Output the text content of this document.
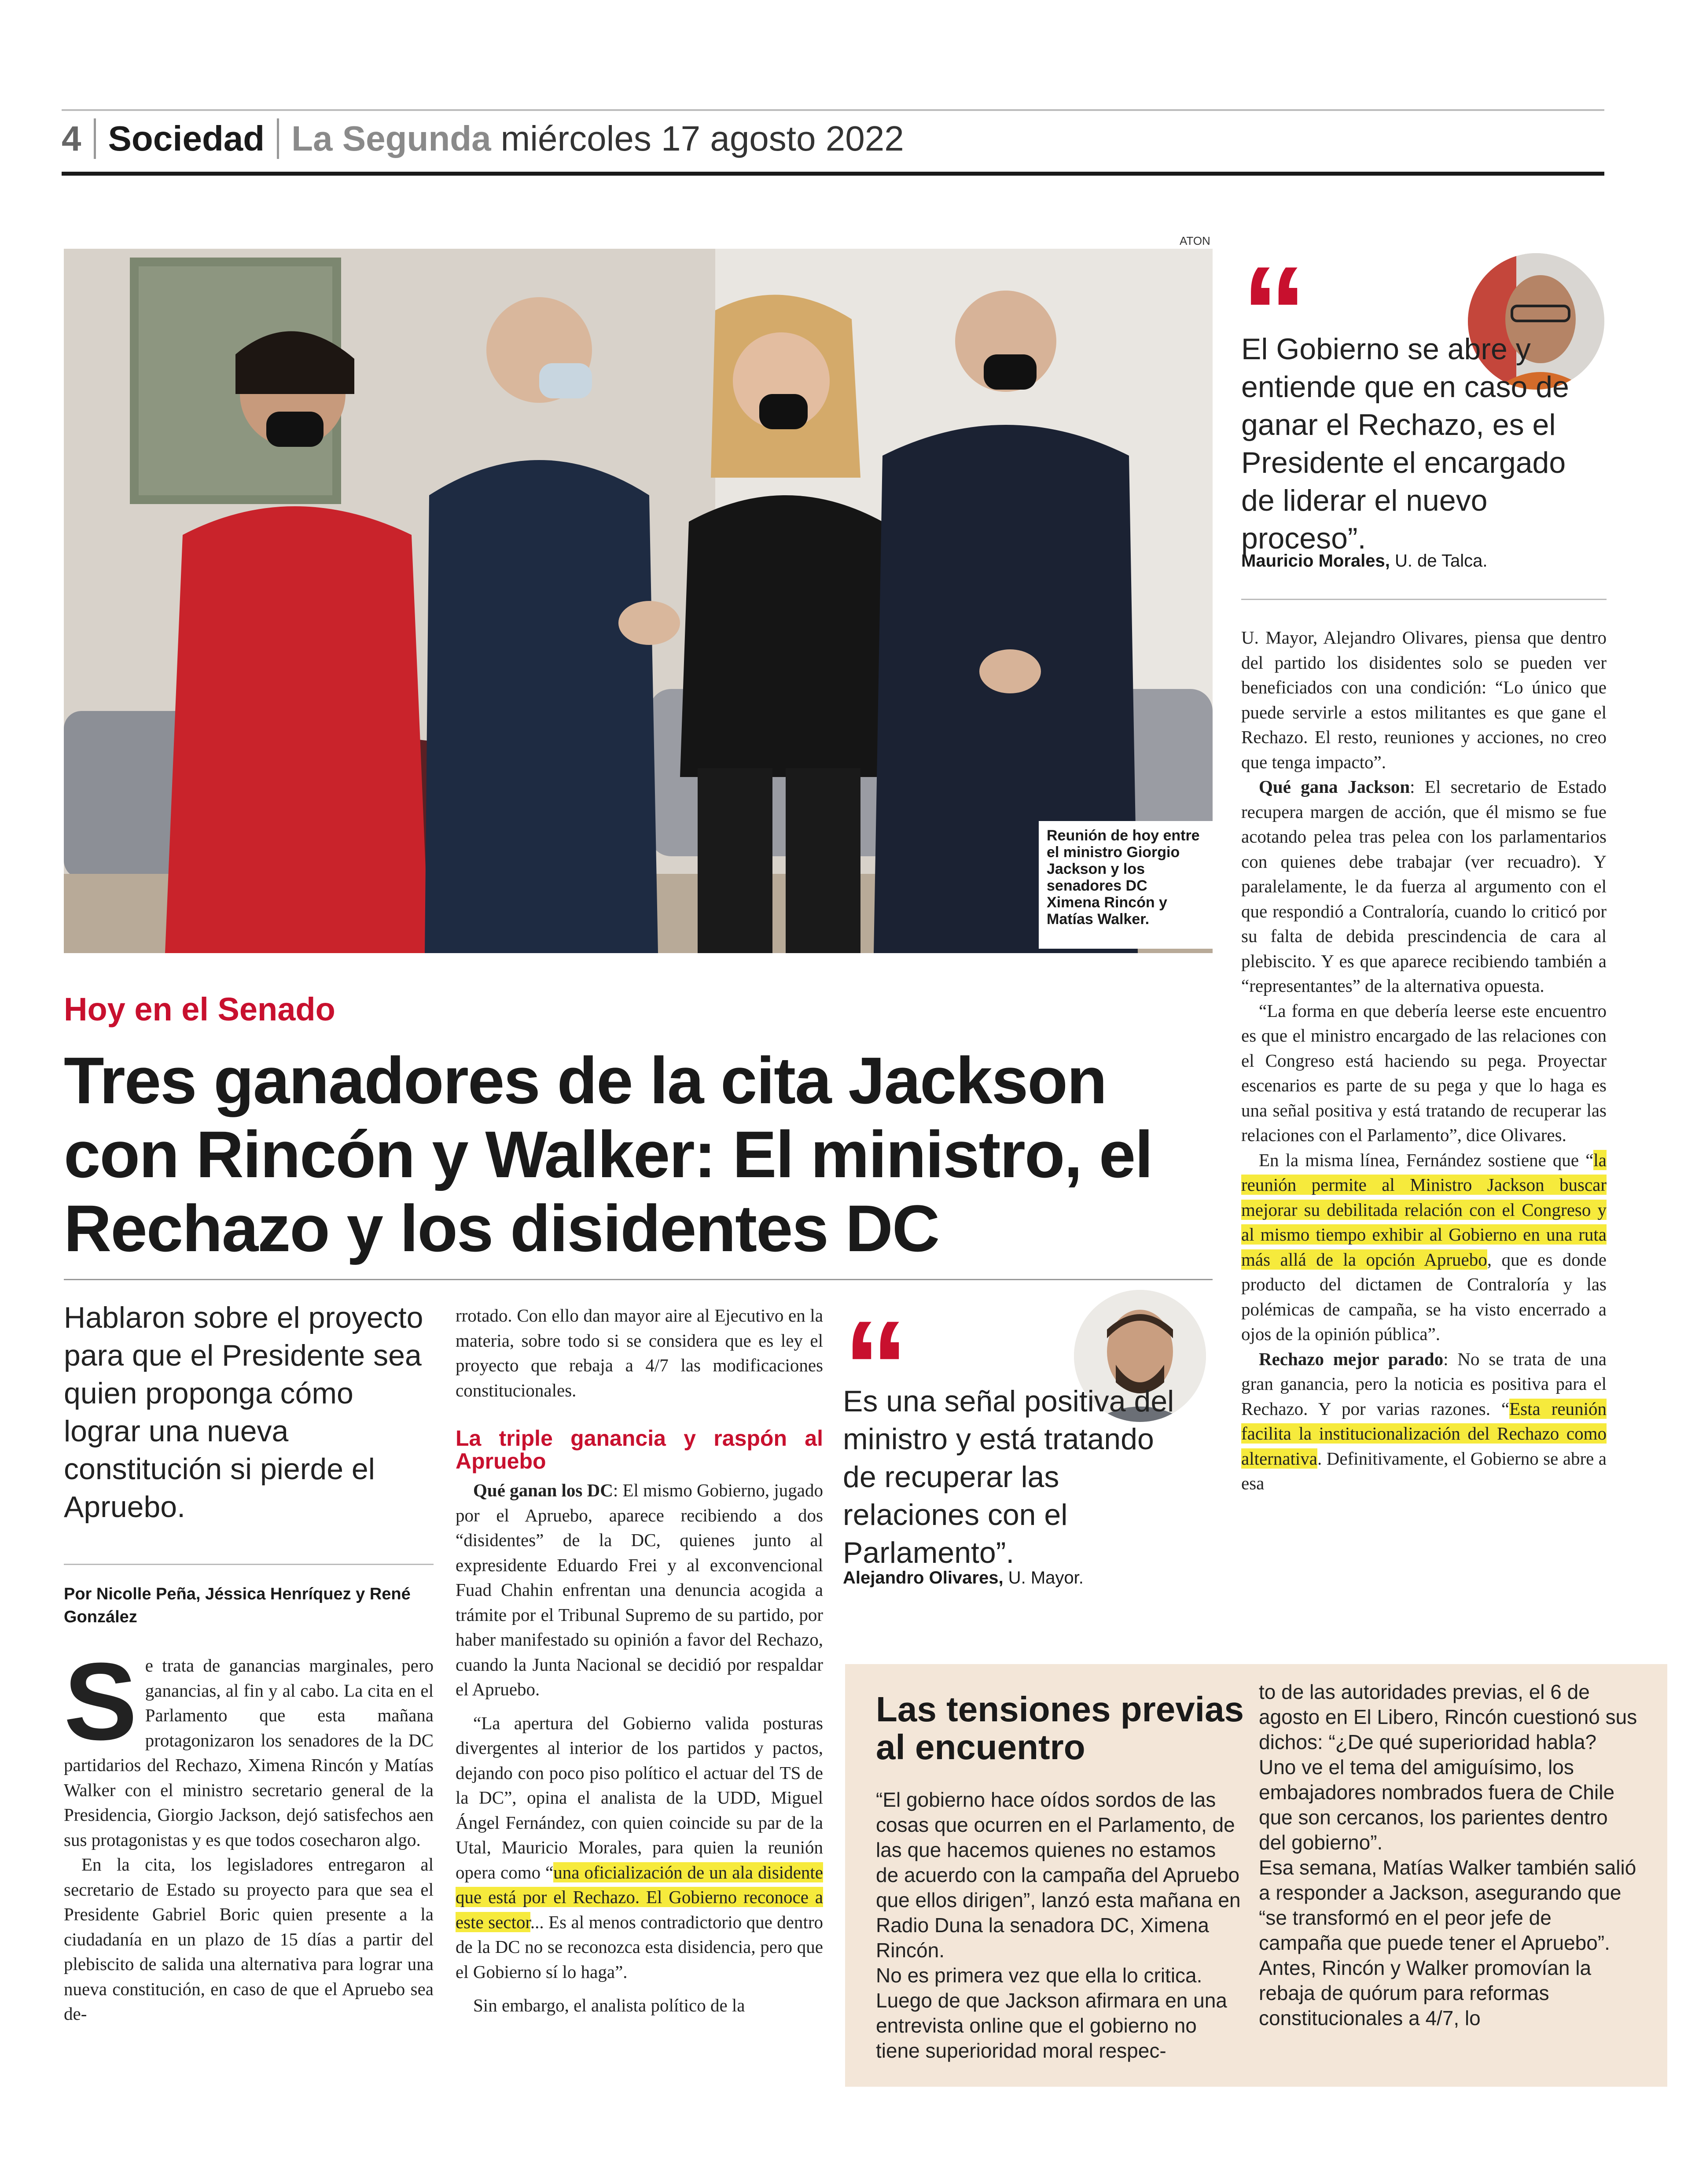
4 Sociedad La Segunda miércoles 17 agosto 2022
ATON
Reunión de hoy entre el ministro Giorgio Jackson y los senadores DC Ximena Rincón y Matías Walker.
Hoy en el Senado
Tres ganadores de la cita Jackson con Rincón y Walker: El ministro, el Rechazo y los disidentes DC
Hablaron sobre el proyecto para que el Presidente sea quien proponga cómo lograr una nueva constitución si pierde el Apruebo.
Por Nicolle Peña, Jéssica Henríquez y René González

Se trata de ganancias marginales, pero ganancias, al fin y al cabo. La cita en el Parlamento que esta mañana protagonizaron los senadores de la DC partidarios del Rechazo, Ximena Rincón y Matías Walker con el ministro secretario general de la Presidencia, Giorgio Jackson, dejó satisfechos aen sus protagonistas y es que todos cosecharon algo.

En la cita, los legisladores entregaron al secretario de Estado su proyecto para que sea el Presidente Gabriel Boric quien presente a la ciudadanía en un plazo de 15 días a partir del plebiscito de salida una alternativa para lograr una nueva constitución, en caso de que el Apruebo sea de-

rrotado. Con ello dan mayor aire al Ejecutivo en la materia, sobre todo si se considera que es ley el proyecto que rebaja a 4/7 las modificaciones constitucionales.

La triple ganancia y raspón al Apruebo

Qué ganan los DC: El mismo Gobierno, jugado por el Apruebo, aparece recibiendo a dos “disidentes” de la DC, quienes junto al expresidente Eduardo Frei y al exconvencional Fuad Chahin enfrentan una denuncia acogida a trámite por el Tribunal Supremo de su partido, por haber manifestado su opinión a favor del Rechazo, cuando la Junta Nacional se decidió por respaldar el Apruebo.

“La apertura del Gobierno valida posturas divergentes al interior de los partidos y pactos, dejando con poco piso político el actuar del TS de la DC”, opina el analista de la UDD, Miguel Ángel Fernández, con quien coincide su par de la Utal, Mauricio Morales, para quien la reunión opera como “una oficialización de un ala disidente que está por el Rechazo. El Gobierno reconoce a este sector... Es al menos contradictorio que dentro de la DC no se reconozca esta disidencia, pero que el Gobierno sí lo haga”.

Sin embargo, el analista político de la

“
El Gobierno se abre y entiende que en caso de ganar el Rechazo, es el Presidente el encargado de liderar el nuevo proceso”.
Mauricio Morales, U. de Talca.

U. Mayor, Alejandro Olivares, piensa que dentro del partido los disidentes solo se pueden ver beneficiados con una condición: “Lo único que puede servirle a estos militantes es que gane el Rechazo. El resto, reuniones y acciones, no creo que tenga impacto”.

Qué gana Jackson: El secretario de Estado recupera margen de acción, que él mismo se fue acotando pelea tras pelea con los parlamentarios con quienes debe trabajar (ver recuadro). Y paralelamente, le da fuerza al argumento con el que respondió a Contraloría, cuando lo criticó por su falta de debida prescindencia de cara al plebiscito. Y es que aparece recibiendo también a “representantes” de la alternativa opuesta.

“La forma en que debería leerse este encuentro es que el ministro encargado de las relaciones con el Congreso está haciendo su pega. Proyectar escenarios es parte de su pega y que lo haga es una señal positiva y está tratando de recuperar las relaciones con el Parlamento”, dice Olivares.

En la misma línea, Fernández sostiene que “la reunión permite al Ministro Jackson buscar mejorar su debilitada relación con el Congreso y al mismo tiempo exhibir al Gobierno en una ruta más allá de la opción Apruebo, que es donde producto del dictamen de Contraloría y las polémicas de campaña, se ha visto encerrado a ojos de la opinión pública”.

Rechazo mejor parado: No se trata de una gran ganancia, pero la noticia es positiva para el Rechazo. Y por varias razones. “Esta reunión facilita la institucionalización del Rechazo como alternativa. Definitivamente, el Gobierno se abre a esa

“
Es una señal positiva del ministro y está tratando de recuperar las relaciones con el Parlamento”.
Alejandro Olivares, U. Mayor.
Las tensiones previas al encuentro
“El gobierno hace oídos sordos de las cosas que ocurren en el Parlamento, de las que hacemos quienes no estamos de acuerdo con la campaña del Apruebo que ellos dirigen”, lanzó esta mañana en Radio Duna la senadora DC, Ximena Rincón.
No es primera vez que ella lo critica. Luego de que Jackson afirmara en una entrevista online que el gobierno no tiene superioridad moral respec-
to de las autoridades previas, el 6 de agosto en El Libero, Rincón cuestionó sus dichos: “¿De qué superioridad habla? Uno ve el tema del amiguísimo, los embajadores nombrados fuera de Chile que son cercanos, los parientes dentro del gobierno”.
Esa semana, Matías Walker también salió a responder a Jackson, asegurando que “se transformó en el peor jefe de campaña que puede tener el Apruebo”. Antes, Rincón y Walker promovían la rebaja de quórum para reformas constitucionales a 4/7, lo
